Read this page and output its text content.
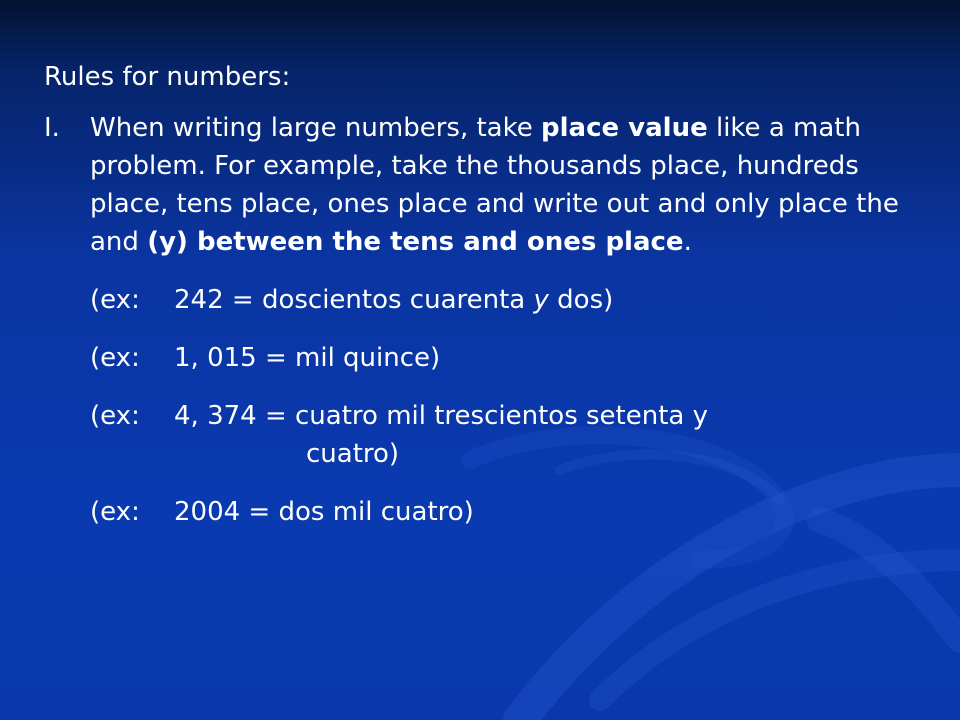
Rules for numbers:
I.	When writing large numbers, take place value like a math problem. For example, take the thousands place, hundreds place, tens place, ones place and write out and only place the and (y) between the tens and ones place.
(ex:	242 = doscientos cuarenta y dos)
(ex:	1, 015 = mil quince)
(ex:	4, 374 = cuatro mil trescientos setenta y
cuatro)
(ex:	2004 = dos mil cuatro)
